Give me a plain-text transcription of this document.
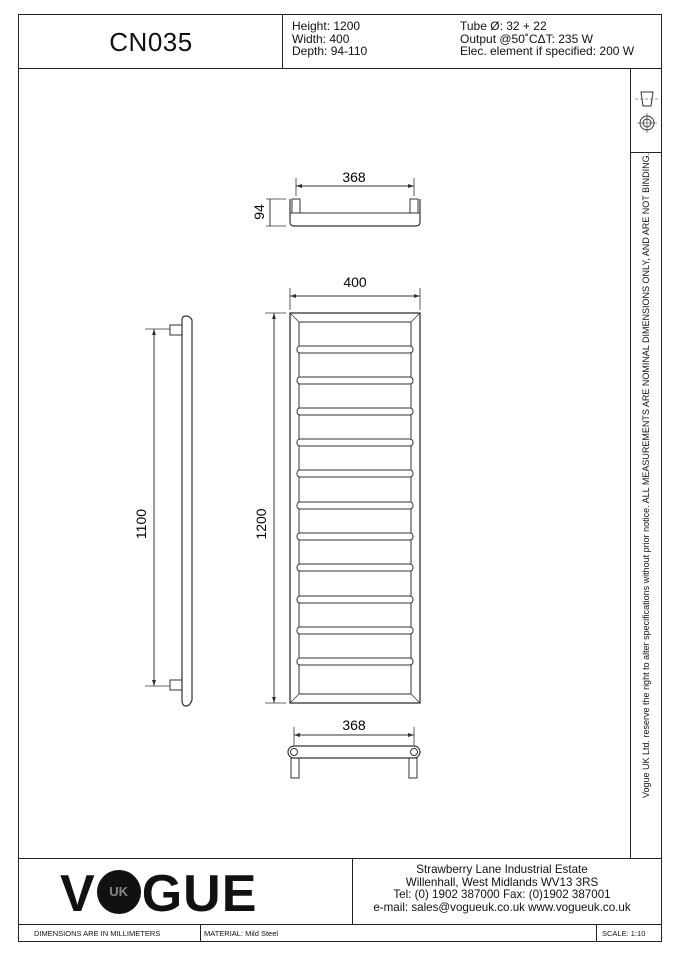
CN035
Height: 1200
Width: 400
Depth: 94-110
Tube Ø: 32 + 22
Output @50˚CΔT: 235 W
Elec. element if specified: 200 W
Vogue UK Ltd. reserve the right to alter specifications without prior notice. ALL MEASUREMENTS ARE NOMINAL DIMENSIONS ONLY, AND ARE NOT BINDING.
368
94
400
1200
1100
368
V	UK GUE	Strawberry Lane Industrial Estate
Willenhall, West Midlands WV13 3RS
Tel: (0) 1902 387000 Fax: (0)1902 387001
e-mail: sales@vogueuk.co.uk www.vogueuk.co.uk
DIMENSIONS ARE IN MILLIMETERS	MATERIAL: Mild Steel	SCALE: 1:10
